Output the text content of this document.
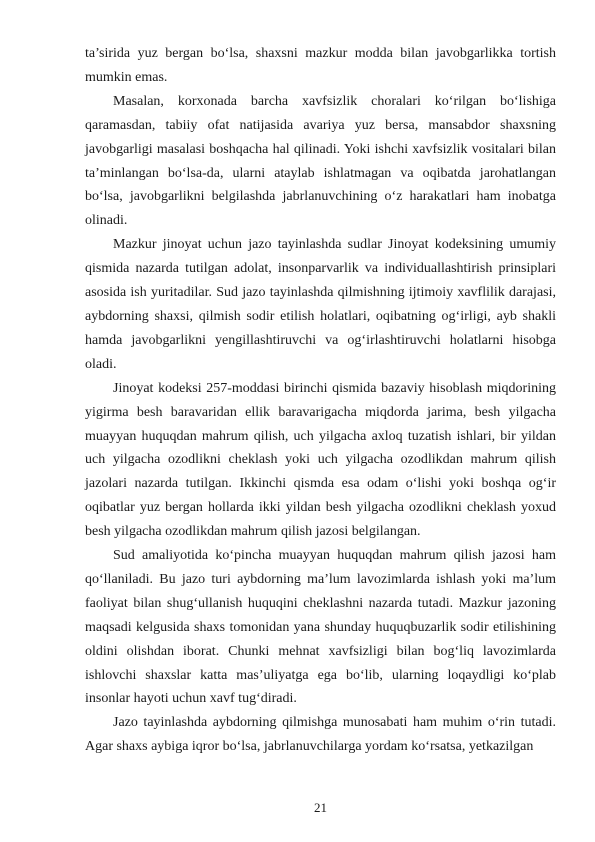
ta’sirida yuz bergan bo‘lsa, shaxsni mazkur modda bilan javobgarlikka tortish mumkin emas.

Masalan, korxonada barcha xavfsizlik choralari ko‘rilgan bo‘lishiga qaramasdan, tabiiy ofat natijasida avariya yuz bersa, mansabdor shaxsning javobgarligi masalasi boshqacha hal qilinadi. Yoki ishchi xavfsizlik vositalari bilan ta’minlangan bo‘lsa-da, ularni ataylab ishlatmagan va oqibatda jarohatlangan bo‘lsa, javobgarlikni belgilashda jabrlanuvchining o‘z harakatlari ham inobatga olinadi.

Mazkur jinoyat uchun jazo tayinlashda sudlar Jinoyat kodeksining umumiy qismida nazarda tutilgan adolat, insonparvarlik va individuallashtirish prinsiplari asosida ish yuritadilar. Sud jazo tayinlashda qilmishning ijtimoiy xavflilik darajasi, aybdorning shaxsi, qilmish sodir etilish holatlari, oqibatning og‘irligi, ayb shakli hamda javobgarlikni yengillashtiruvchi va og‘irlashtiruvchi holatlarni hisobga oladi.

Jinoyat kodeksi 257-moddasi birinchi qismida bazaviy hisoblash miqdorining yigirma besh baravaridan ellik baravarigacha miqdorda jarima, besh yilgacha muayyan huquqdan mahrum qilish, uch yilgacha axloq tuzatish ishlari, bir yildan uch yilgacha ozodlikni cheklash yoki uch yilgacha ozodlikdan mahrum qilish jazolari nazarda tutilgan. Ikkinchi qismda esa odam o‘lishi yoki boshqa og‘ir oqibatlar yuz bergan hollarda ikki yildan besh yilgacha ozodlikni cheklash yoxud besh yilgacha ozodlikdan mahrum qilish jazosi belgilangan.

Sud amaliyotida ko‘pincha muayyan huquqdan mahrum qilish jazosi ham qo‘llaniladi. Bu jazo turi aybdorning ma’lum lavozimlarda ishlash yoki ma’lum faoliyat bilan shug‘ullanish huquqini cheklashni nazarda tutadi. Mazkur jazoning maqsadi kelgusida shaxs tomonidan yana shunday huquqbuzarlik sodir etilishining oldini olishdan iborat. Chunki mehnat xavfsizligi bilan bog‘liq lavozimlarda ishlovchi shaxslar katta mas’uliyatga ega bo‘lib, ularning loqaydligi ko‘plab insonlar hayoti uchun xavf tug‘diradi.

Jazo tayinlashda aybdorning qilmishga munosabati ham muhim o‘rin tutadi. Agar shaxs aybiga iqror bo‘lsa, jabrlanuvchilarga yordam ko‘rsatsa, yetkazilgan

21
